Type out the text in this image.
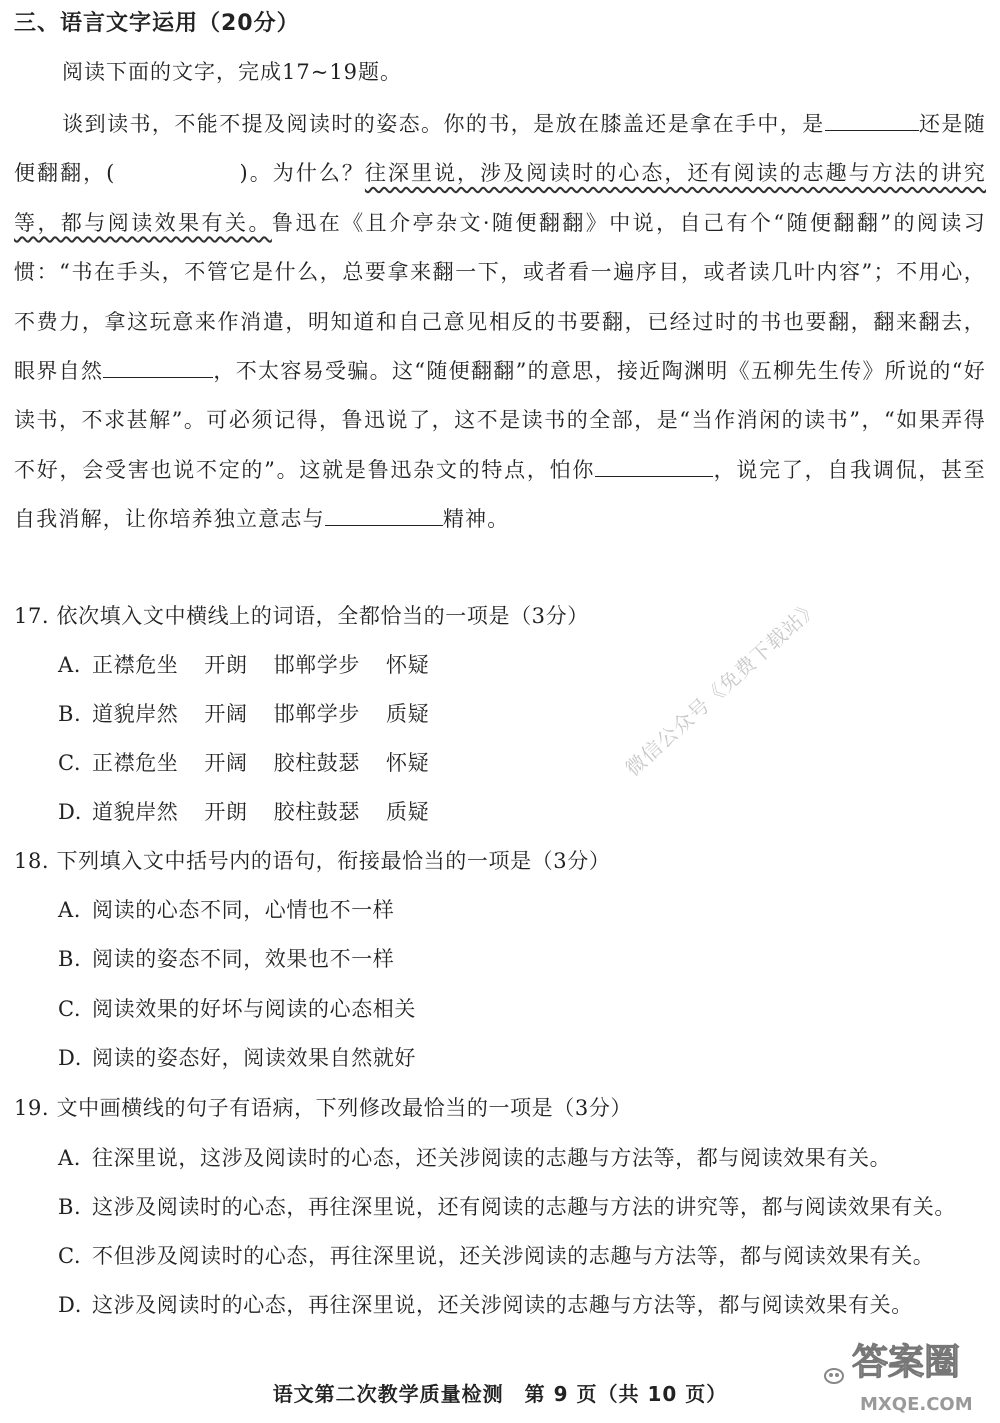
三、语言文字运用（20分）
阅读下面的文字，完成17~19题。
谈到读书，不能不提及阅读时的姿态。你的书，是放在膝盖还是拿在手中，是	还是随便翻翻，(	)。为什么？往深里说，涉及阅读时的心态，还有阅读的志趣与方法的讲究等，都与阅读效果有关。鲁迅在《且介亭杂文·随便翻翻》中说，自己有个“随便翻翻”的阅读习惯：“书在手头，不管它是什么，总要拿来翻一下，或者看一遍序目，或者读几叶内容”；不用心，不费力，拿这玩意来作消遣，明知道和自己意见相反的书要翻，已经过时的书也要翻，翻来翻去，眼界自然	，不太容易受骗。这“随便翻翻”的意思，接近陶渊明《五柳先生传》所说的“好读书，不求甚解”。可必须记得，鲁迅说了，这不是读书的全部，是“当作消闲的读书”，“如果弄得不好，会受害也说不定的”。这就是鲁迅杂文的特点，怕你	，说完了，自我调侃，甚至自我消解，让你培养独立意志与	精神。
17. 依次填入文中横线上的词语，全都恰当的一项是（3分）
A. 正襟危坐 开朗 邯郸学步 怀疑
B. 道貌岸然 开阔 邯郸学步 质疑
C. 正襟危坐 开阔 胶柱鼓瑟 怀疑
D. 道貌岸然 开朗 胶柱鼓瑟 质疑
18. 下列填入文中括号内的语句，衔接最恰当的一项是（3分）
A. 阅读的心态不同，心情也不一样
B. 阅读的姿态不同，效果也不一样
C. 阅读效果的好坏与阅读的心态相关
D. 阅读的姿态好，阅读效果自然就好
19. 文中画横线的句子有语病，下列修改最恰当的一项是（3分）
A. 往深里说，这涉及阅读时的心态，还关涉阅读的志趣与方法等，都与阅读效果有关。
B. 这涉及阅读时的心态，再往深里说，还有阅读的志趣与方法的讲究等，都与阅读效果有关。
C. 不但涉及阅读时的心态，再往深里说，还关涉阅读的志趣与方法等，都与阅读效果有关。
D. 这涉及阅读时的心态，再往深里说，还关涉阅读的志趣与方法等，都与阅读效果有关。
微信公众号《免费下载站》
答案圈
MXQE.COM
语文第二次教学质量检测　第 9 页（共 10 页）
